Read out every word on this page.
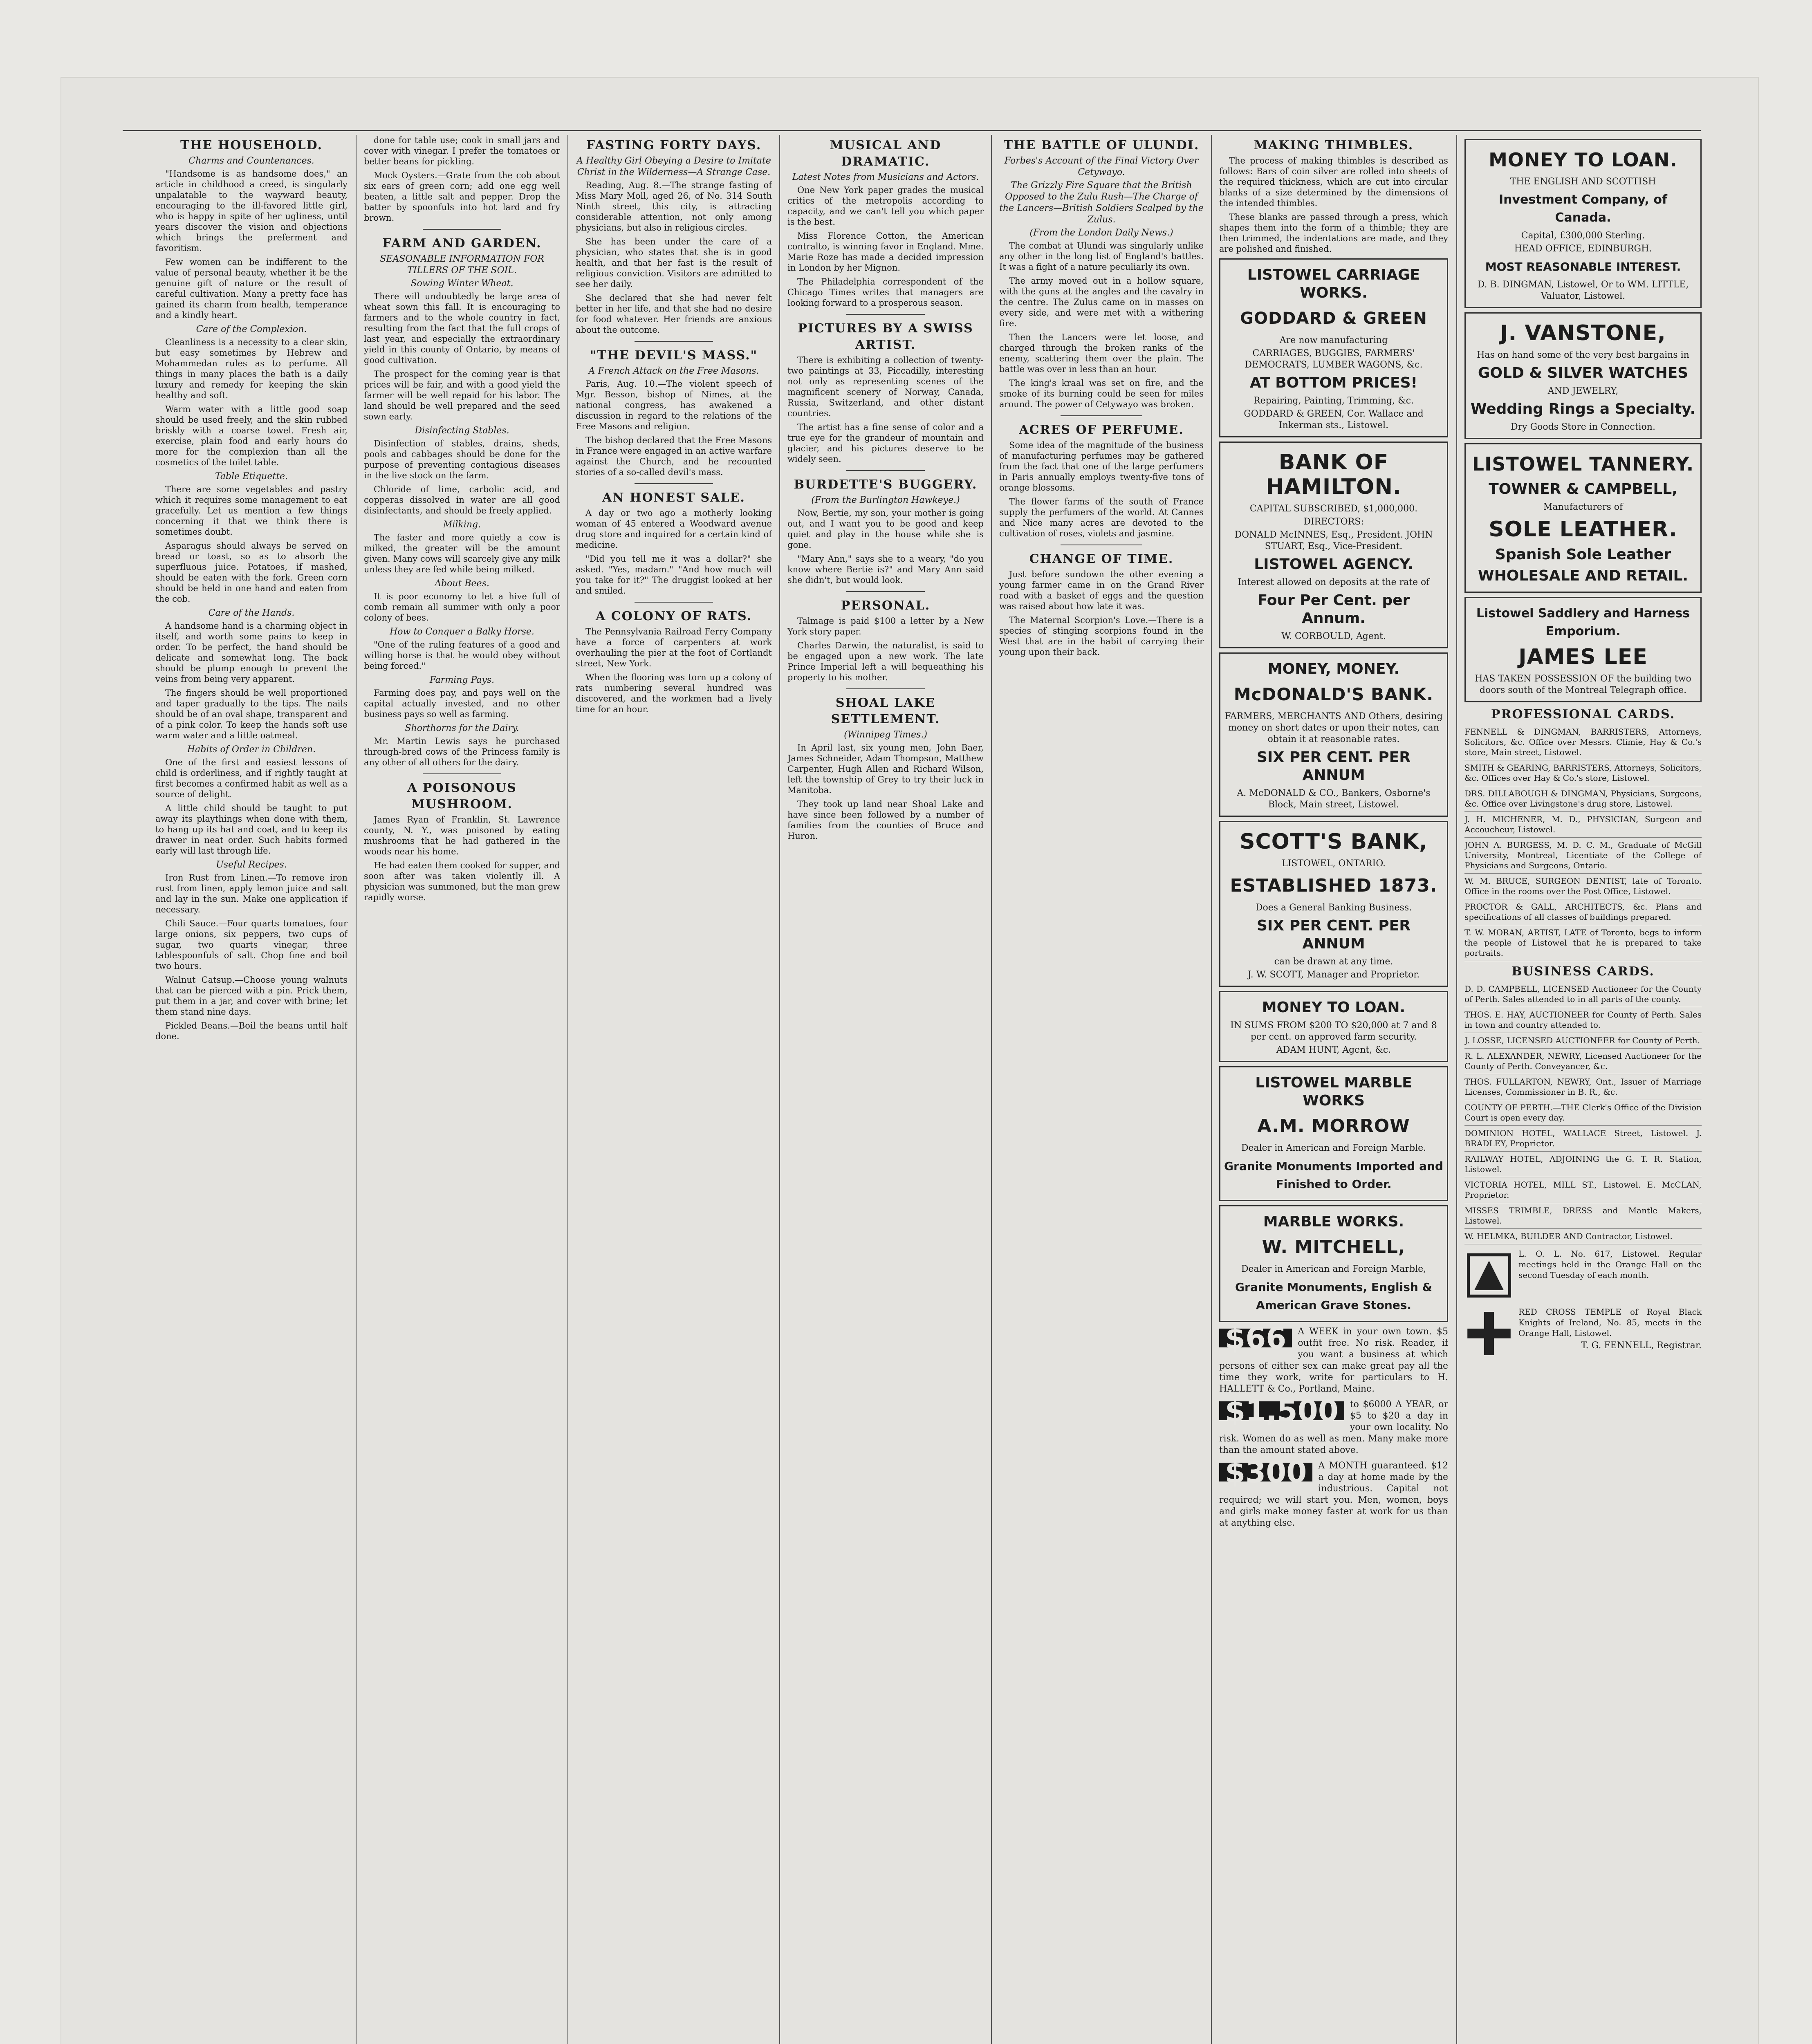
THE HOUSEHOLD.
Charms and Countenances.

"Handsome is as handsome does," an article in childhood a creed, is singularly unpalatable to the wayward beauty, encouraging to the ill-favored little girl, who is happy in spite of her ugliness, until years discover the vision and objections which brings the preferment and favoritism.

Few women can be indifferent to the value of personal beauty, whether it be the genuine gift of nature or the result of careful cultivation. Many a pretty face has gained its charm from health, temperance and a kindly heart.

Care of the Complexion.

Cleanliness is a necessity to a clear skin, but easy sometimes by Hebrew and Mohammedan rules as to perfume. All things in many places the bath is a daily luxury and remedy for keeping the skin healthy and soft.

Warm water with a little good soap should be used freely, and the skin rubbed briskly with a coarse towel. Fresh air, exercise, plain food and early hours do more for the complexion than all the cosmetics of the toilet table.

Table Etiquette.

There are some vegetables and pastry which it requires some management to eat gracefully. Let us mention a few things concerning it that we think there is sometimes doubt.

Asparagus should always be served on bread or toast, so as to absorb the superfluous juice. Potatoes, if mashed, should be eaten with the fork. Green corn should be held in one hand and eaten from the cob.

Care of the Hands.

A handsome hand is a charming object in itself, and worth some pains to keep in order. To be perfect, the hand should be delicate and somewhat long. The back should be plump enough to prevent the veins from being very apparent.

The fingers should be well proportioned and taper gradually to the tips. The nails should be of an oval shape, transparent and of a pink color. To keep the hands soft use warm water and a little oatmeal.

Habits of Order in Children.

One of the first and easiest lessons of child is orderliness, and if rightly taught at first becomes a confirmed habit as well as a source of delight.

A little child should be taught to put away its playthings when done with them, to hang up its hat and coat, and to keep its drawer in neat order. Such habits formed early will last through life.

Useful Recipes.

Iron Rust from Linen.—To remove iron rust from linen, apply lemon juice and salt and lay in the sun. Make one application if necessary.

Chili Sauce.—Four quarts tomatoes, four large onions, six peppers, two cups of sugar, two quarts vinegar, three tablespoonfuls of salt. Chop fine and boil two hours.

Walnut Catsup.—Choose young walnuts that can be pierced with a pin. Prick them, put them in a jar, and cover with brine; let them stand nine days.

Pickled Beans.—Boil the beans until half done.

done for table use; cook in small jars and cover with vinegar. I prefer the tomatoes or better beans for pickling.

Mock Oysters.—Grate from the cob about six ears of green corn; add one egg well beaten, a little salt and pepper. Drop the batter by spoonfuls into hot lard and fry brown.

FARM AND GARDEN.
SEASONABLE INFORMATION FOR TILLERS OF THE SOIL.
Sowing Winter Wheat.

There will undoubtedly be large area of wheat sown this fall. It is encouraging to farmers and to the whole country in fact, resulting from the fact that the full crops of last year, and especially the extraordinary yield in this county of Ontario, by means of good cultivation.

The prospect for the coming year is that prices will be fair, and with a good yield the farmer will be well repaid for his labor. The land should be well prepared and the seed sown early.

Disinfecting Stables.

Disinfection of stables, drains, sheds, pools and cabbages should be done for the purpose of preventing contagious diseases in the live stock on the farm.

Chloride of lime, carbolic acid, and copperas dissolved in water are all good disinfectants, and should be freely applied.

Milking.

The faster and more quietly a cow is milked, the greater will be the amount given. Many cows will scarcely give any milk unless they are fed while being milked.

About Bees.

It is poor economy to let a hive full of comb remain all summer with only a poor colony of bees.

How to Conquer a Balky Horse.

"One of the ruling features of a good and willing horse is that he would obey without being forced."

Farming Pays.

Farming does pay, and pays well on the capital actually invested, and no other business pays so well as farming.

Shorthorns for the Dairy.

Mr. Martin Lewis says he purchased through-bred cows of the Princess family is any other of all others for the dairy.

A POISONOUS MUSHROOM.

James Ryan of Franklin, St. Lawrence county, N. Y., was poisoned by eating mushrooms that he had gathered in the woods near his home.

He had eaten them cooked for supper, and soon after was taken violently ill. A physician was summoned, but the man grew rapidly worse.

FASTING FORTY DAYS.
A Healthy Girl Obeying a Desire to Imitate Christ in the Wilderness—A Strange Case.

Reading, Aug. 8.—The strange fasting of Miss Mary Moll, aged 26, of No. 314 South Ninth street, this city, is attracting considerable attention, not only among physicians, but also in religious circles.

She has been under the care of a physician, who states that she is in good health, and that her fast is the result of religious conviction. Visitors are admitted to see her daily.

She declared that she had never felt better in her life, and that she had no desire for food whatever. Her friends are anxious about the outcome.

"THE DEVIL'S MASS."
A French Attack on the Free Masons.

Paris, Aug. 10.—The violent speech of Mgr. Besson, bishop of Nimes, at the national congress, has awakened a discussion in regard to the relations of the Free Masons and religion.

The bishop declared that the Free Masons in France were engaged in an active warfare against the Church, and he recounted stories of a so-called devil's mass.

AN HONEST SALE.

A day or two ago a motherly looking woman of 45 entered a Woodward avenue drug store and inquired for a certain kind of medicine.

"Did you tell me it was a dollar?" she asked. "Yes, madam." "And how much will you take for it?" The druggist looked at her and smiled.

A COLONY OF RATS.

The Pennsylvania Railroad Ferry Company have a force of carpenters at work overhauling the pier at the foot of Cortlandt street, New York.

When the flooring was torn up a colony of rats numbering several hundred was discovered, and the workmen had a lively time for an hour.

MUSICAL AND DRAMATIC.
Latest Notes from Musicians and Actors.

One New York paper grades the musical critics of the metropolis according to capacity, and we can't tell you which paper is the best.

Miss Florence Cotton, the American contralto, is winning favor in England. Mme. Marie Roze has made a decided impression in London by her Mignon.

The Philadelphia correspondent of the Chicago Times writes that managers are looking forward to a prosperous season.

PICTURES BY A SWISS ARTIST.

There is exhibiting a collection of twenty-two paintings at 33, Piccadilly, interesting not only as representing scenes of the magnificent scenery of Norway, Canada, Russia, Switzerland, and other distant countries.

The artist has a fine sense of color and a true eye for the grandeur of mountain and glacier, and his pictures deserve to be widely seen.

BURDETTE'S BUGGERY.
(From the Burlington Hawkeye.)

Now, Bertie, my son, your mother is going out, and I want you to be good and keep quiet and play in the house while she is gone.

"Mary Ann," says she to a weary, "do you know where Bertie is?" and Mary Ann said she didn't, but would look.

PERSONAL.

Talmage is paid $100 a letter by a New York story paper.

Charles Darwin, the naturalist, is said to be engaged upon a new work. The late Prince Imperial left a will bequeathing his property to his mother.

SHOAL LAKE SETTLEMENT.
(Winnipeg Times.)

In April last, six young men, John Baer, James Schneider, Adam Thompson, Matthew Carpenter, Hugh Allen and Richard Wilson, left the township of Grey to try their luck in Manitoba.

They took up land near Shoal Lake and have since been followed by a number of families from the counties of Bruce and Huron.

THE BATTLE OF ULUNDI.
Forbes's Account of the Final Victory Over Cetywayo.
The Grizzly Fire Square that the British Opposed to the Zulu Rush—The Charge of the Lancers—British Soldiers Scalped by the Zulus.
(From the London Daily News.)

The combat at Ulundi was singularly unlike any other in the long list of England's battles. It was a fight of a nature peculiarly its own.

The army moved out in a hollow square, with the guns at the angles and the cavalry in the centre. The Zulus came on in masses on every side, and were met with a withering fire.

Then the Lancers were let loose, and charged through the broken ranks of the enemy, scattering them over the plain. The battle was over in less than an hour.

The king's kraal was set on fire, and the smoke of its burning could be seen for miles around. The power of Cetywayo was broken.

ACRES OF PERFUME.

Some idea of the magnitude of the business of manufacturing perfumes may be gathered from the fact that one of the large perfumers in Paris annually employs twenty-five tons of orange blossoms.

The flower farms of the south of France supply the perfumers of the world. At Cannes and Nice many acres are devoted to the cultivation of roses, violets and jasmine.

CHANGE OF TIME.

Just before sundown the other evening a young farmer came in on the Grand River road with a basket of eggs and the question was raised about how late it was.

The Maternal Scorpion's Love.—There is a species of stinging scorpions found in the West that are in the habit of carrying their young upon their back.

MAKING THIMBLES.

The process of making thimbles is described as follows: Bars of coin silver are rolled into sheets of the required thickness, which are cut into circular blanks of a size determined by the dimensions of the intended thimbles.

These blanks are passed through a press, which shapes them into the form of a thimble; they are then trimmed, the indentations are made, and they are polished and finished.

LISTOWEL CARRIAGE WORKS.
GODDARD & GREEN
Are now manufacturing
CARRIAGES, BUGGIES, FARMERS' DEMOCRATS, LUMBER WAGONS, &c.
AT BOTTOM PRICES!
Repairing, Painting, Trimming, &c.
GODDARD & GREEN, Cor. Wallace and Inkerman sts., Listowel.
BANK OF HAMILTON.
CAPITAL SUBSCRIBED, $1,000,000.
DIRECTORS:
DONALD McINNES, Esq., President. JOHN STUART, Esq., Vice-President.
LISTOWEL AGENCY.
Interest allowed on deposits at the rate of
Four Per Cent. per Annum.
W. CORBOULD, Agent.
MONEY, MONEY.
McDONALD'S BANK.
FARMERS, MERCHANTS AND Others, desiring money on short dates or upon their notes, can obtain it at reasonable rates.
SIX PER CENT. PER ANNUM
A. McDONALD & CO., Bankers, Osborne's Block, Main street, Listowel.
SCOTT'S BANK,
LISTOWEL, ONTARIO.
ESTABLISHED 1873.
Does a General Banking Business.
SIX PER CENT. PER ANNUM
can be drawn at any time.
J. W. SCOTT, Manager and Proprietor.
MONEY TO LOAN.
IN SUMS FROM $200 TO $20,000 at 7 and 8 per cent. on approved farm security.
ADAM HUNT, Agent, &c.
LISTOWEL MARBLE WORKS
A.M. MORROW
Dealer in American and Foreign Marble.
Granite Monuments Imported and Finished to Order.
MARBLE WORKS.
W. MITCHELL,
Dealer in American and Foreign Marble,
Granite Monuments, English & American Grave Stones.
$66	A WEEK in your own town. $5 outfit free. No risk. Reader, if you want a business at which persons of either sex can make great pay all the time they work, write for particulars to H. HALLETT & Co., Portland, Maine.
$1,500	to $6000 A YEAR, or $5 to $20 a day in your own locality. No risk. Women do as well as men. Many make more than the amount stated above.
$300	A MONTH guaranteed. $12 a day at home made by the industrious. Capital not required; we will start you. Men, women, boys and girls make money faster at work for us than at anything else.
MONEY TO LOAN.
THE ENGLISH AND SCOTTISH
Investment Company, of Canada.
Capital, £300,000 Sterling.
HEAD OFFICE, EDINBURGH.
MOST REASONABLE INTEREST.
D. B. DINGMAN, Listowel, Or to WM. LITTLE, Valuator, Listowel.
J. VANSTONE,
Has on hand some of the very best bargains in
GOLD & SILVER WATCHES
AND JEWELRY,
Wedding Rings a Specialty.
Dry Goods Store in Connection.
LISTOWEL TANNERY.
TOWNER & CAMPBELL,
Manufacturers of
SOLE LEATHER.
Spanish Sole Leather
WHOLESALE AND RETAIL.
Listowel Saddlery and Harness Emporium.
JAMES LEE
HAS TAKEN POSSESSION OF the building two doors south of the Montreal Telegraph office.
PROFESSIONAL CARDS.
FENNELL & DINGMAN, BARRISTERS, Attorneys, Solicitors, &c. Office over Messrs. Climie, Hay & Co.'s store, Main street, Listowel.
SMITH & GEARING, BARRISTERS, Attorneys, Solicitors, &c. Offices over Hay & Co.'s store, Listowel.
DRS. DILLABOUGH & DINGMAN, Physicians, Surgeons, &c. Office over Livingstone's drug store, Listowel.
J. H. MICHENER, M. D., PHYSICIAN, Surgeon and Accoucheur, Listowel.
JOHN A. BURGESS, M. D. C. M., Graduate of McGill University, Montreal, Licentiate of the College of Physicians and Surgeons, Ontario.
W. M. BRUCE, SURGEON DENTIST, late of Toronto. Office in the rooms over the Post Office, Listowel.
PROCTOR & GALL, ARCHITECTS, &c. Plans and specifications of all classes of buildings prepared.
T. W. MORAN, ARTIST, LATE of Toronto, begs to inform the people of Listowel that he is prepared to take portraits.
BUSINESS CARDS.
D. D. CAMPBELL, LICENSED Auctioneer for the County of Perth. Sales attended to in all parts of the county.
THOS. E. HAY, AUCTIONEER for County of Perth. Sales in town and country attended to.
J. LOSSE, LICENSED AUCTIONEER for County of Perth.
R. L. ALEXANDER, NEWRY, Licensed Auctioneer for the County of Perth. Conveyancer, &c.
THOS. FULLARTON, NEWRY, Ont., Issuer of Marriage Licenses, Commissioner in B. R., &c.
COUNTY OF PERTH.—THE Clerk's Office of the Division Court is open every day.
DOMINION HOTEL, WALLACE Street, Listowel. J. BRADLEY, Proprietor.
RAILWAY HOTEL, ADJOINING the G. T. R. Station, Listowel.
VICTORIA HOTEL, MILL ST., Listowel. E. McCLAN, Proprietor.
MISSES TRIMBLE, DRESS and Mantle Makers, Listowel.
W. HELMKA, BUILDER AND Contractor, Listowel.
L. O. L. No. 617, Listowel. Regular meetings held in the Orange Hall on the second Tuesday of each month.
RED CROSS TEMPLE of Royal Black Knights of Ireland, No. 85, meets in the Orange Hall, Listowel.
T. G. FENNELL, Registrar.
